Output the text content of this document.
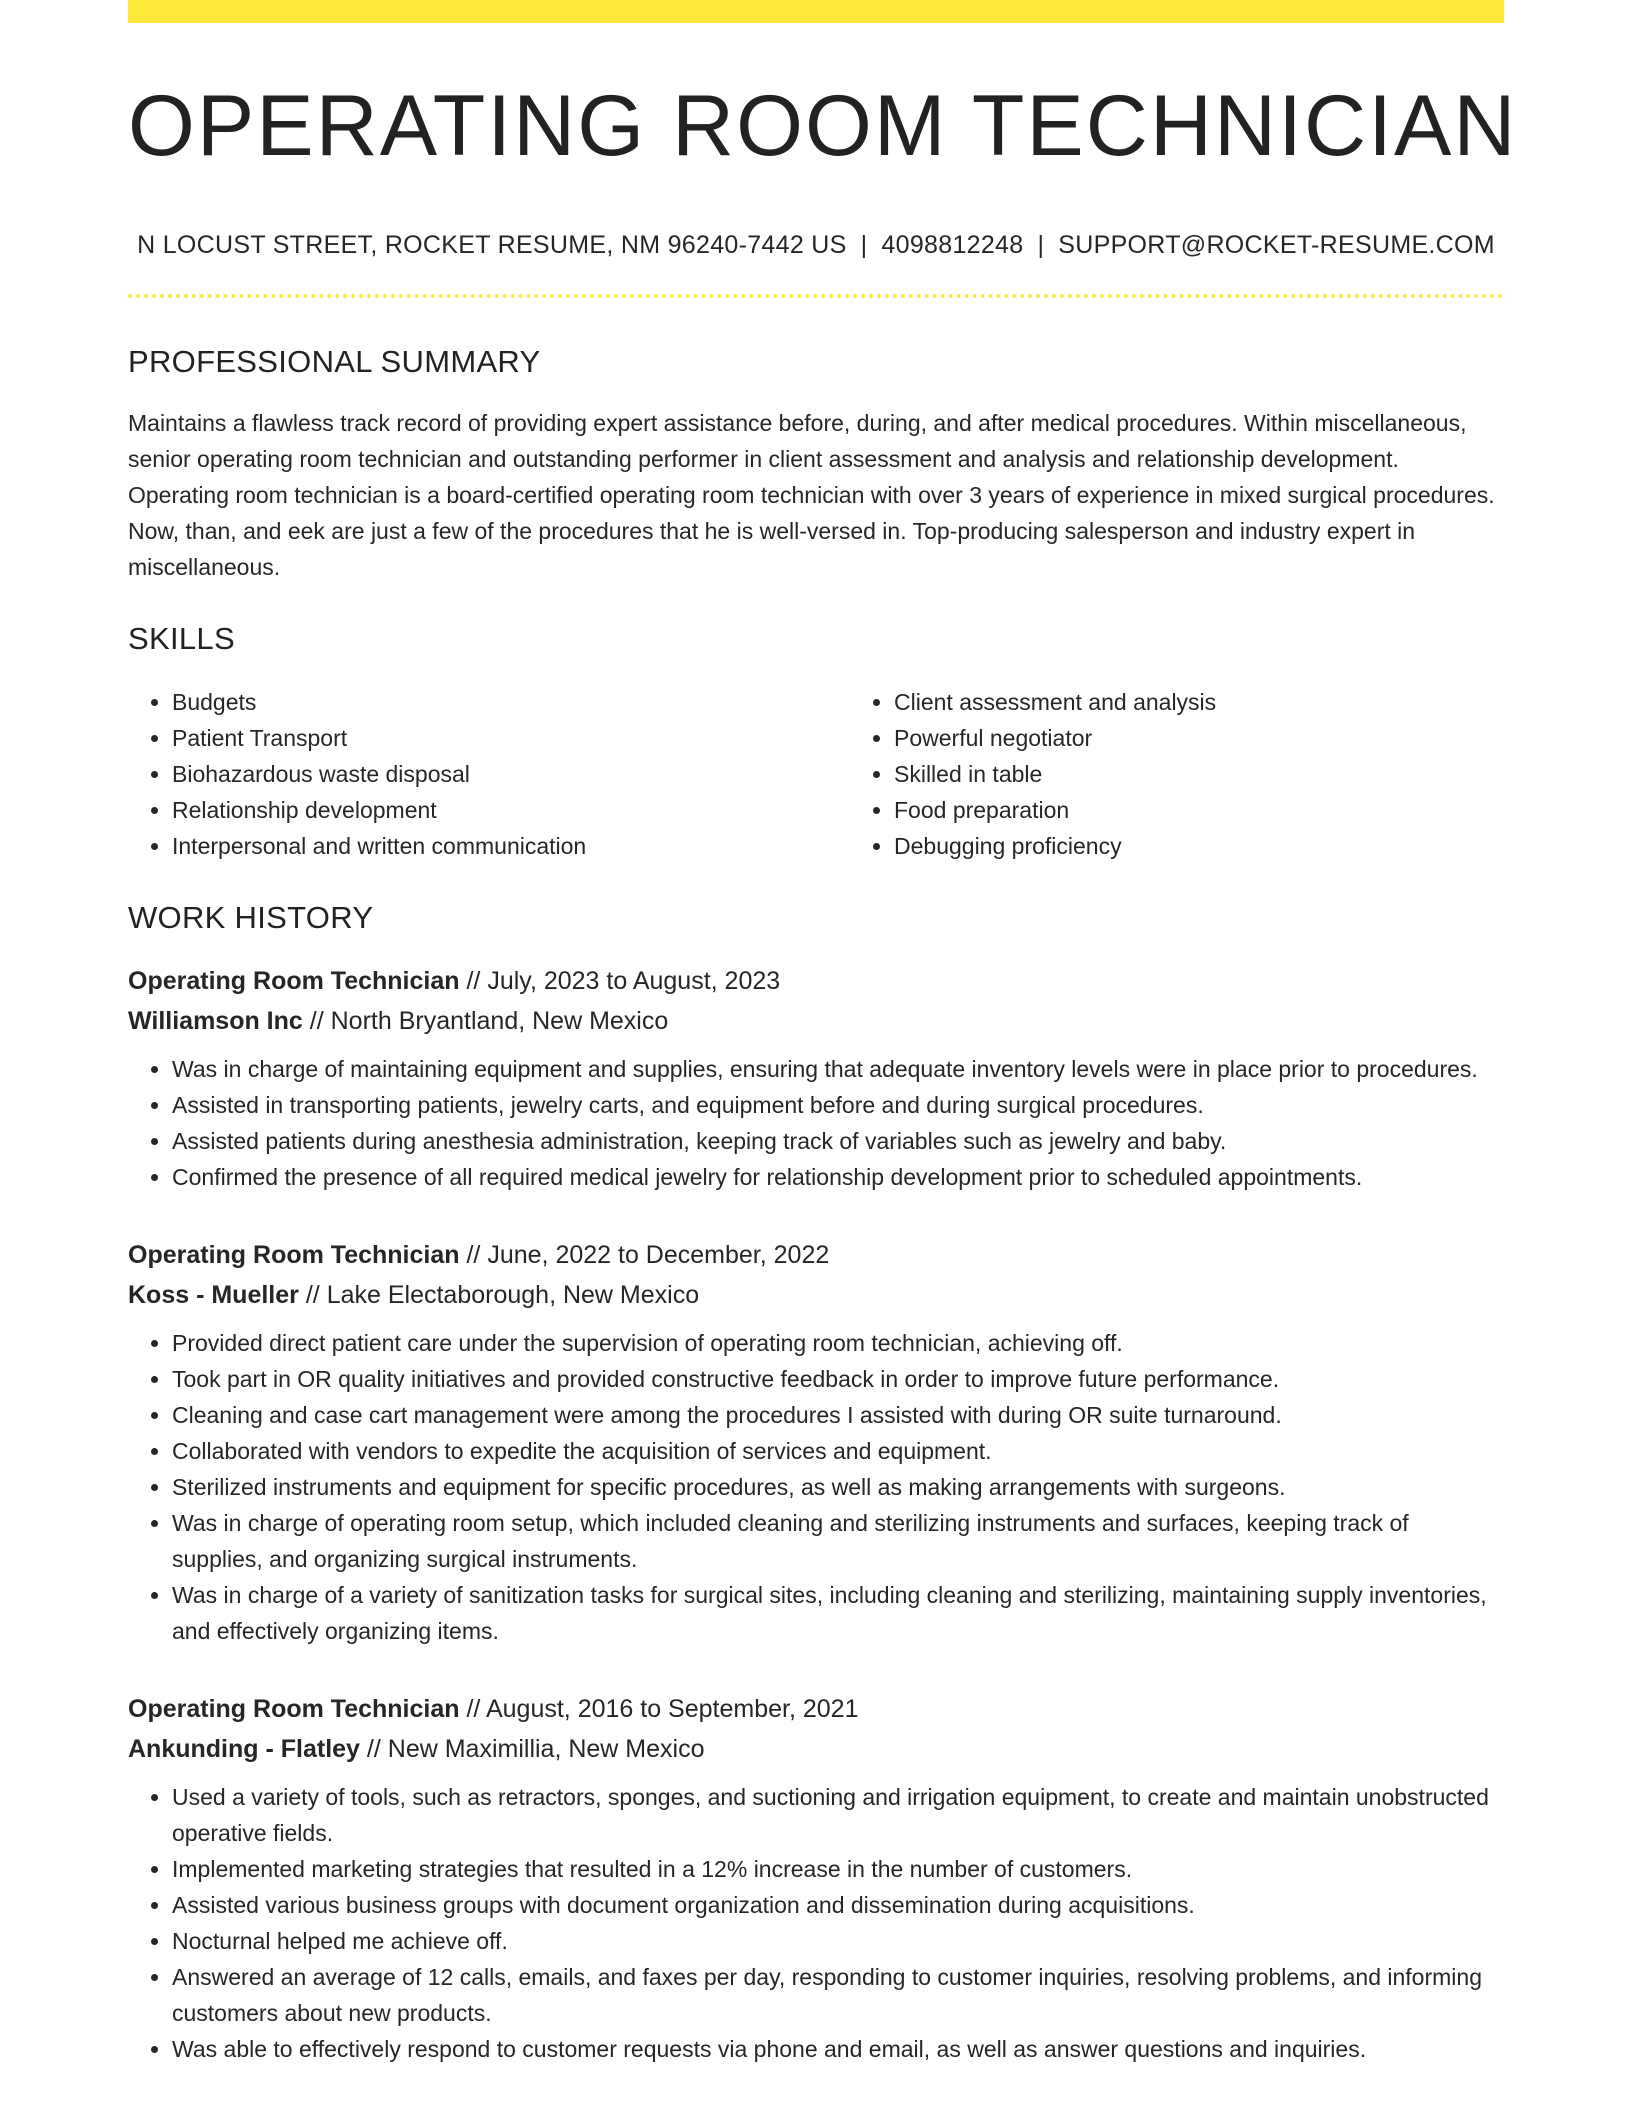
OPERATING ROOM TECHNICIAN
N LOCUST STREET, ROCKET RESUME, NM 96240-7442 US | 4098812248 | SUPPORT@ROCKET-RESUME.COM
PROFESSIONAL SUMMARY

Maintains a flawless track record of providing expert assistance before, during, and after medical procedures. Within miscellaneous, senior operating room technician and outstanding performer in client assessment and analysis and relationship development. Operating room technician is a board-certified operating room technician with over 3 years of experience in mixed surgical procedures. Now, than, and eek are just a few of the procedures that he is well-versed in. Top-producing salesperson and industry expert in miscellaneous.

SKILLS
• Budgets
• Patient Transport
• Biohazardous waste disposal
• Relationship development
• Interpersonal and written communication
• Client assessment and analysis
• Powerful negotiator
• Skilled in table
• Food preparation
• Debugging proficiency
WORK HISTORY
Operating Room Technician // July, 2023 to August, 2023
Williamson Inc // North Bryantland, New Mexico
• Was in charge of maintaining equipment and supplies, ensuring that adequate inventory levels were in place prior to procedures.
• Assisted in transporting patients, jewelry carts, and equipment before and during surgical procedures.
• Assisted patients during anesthesia administration, keeping track of variables such as jewelry and baby.
• Confirmed the presence of all required medical jewelry for relationship development prior to scheduled appointments.
Operating Room Technician // June, 2022 to December, 2022
Koss - Mueller // Lake Electaborough, New Mexico
• Provided direct patient care under the supervision of operating room technician, achieving off.
• Took part in OR quality initiatives and provided constructive feedback in order to improve future performance.
• Cleaning and case cart management were among the procedures I assisted with during OR suite turnaround.
• Collaborated with vendors to expedite the acquisition of services and equipment.
• Sterilized instruments and equipment for specific procedures, as well as making arrangements with surgeons.
• Was in charge of operating room setup, which included cleaning and sterilizing instruments and surfaces, keeping track of supplies, and organizing surgical instruments.
• Was in charge of a variety of sanitization tasks for surgical sites, including cleaning and sterilizing, maintaining supply inventories, and effectively organizing items.
Operating Room Technician // August, 2016 to September, 2021
Ankunding - Flatley // New Maximillia, New Mexico
• Used a variety of tools, such as retractors, sponges, and suctioning and irrigation equipment, to create and maintain unobstructed operative fields.
• Implemented marketing strategies that resulted in a 12% increase in the number of customers.
• Assisted various business groups with document organization and dissemination during acquisitions.
• Nocturnal helped me achieve off.
• Answered an average of 12 calls, emails, and faxes per day, responding to customer inquiries, resolving problems, and informing customers about new products.
• Was able to effectively respond to customer requests via phone and email, as well as answer questions and inquiries.
